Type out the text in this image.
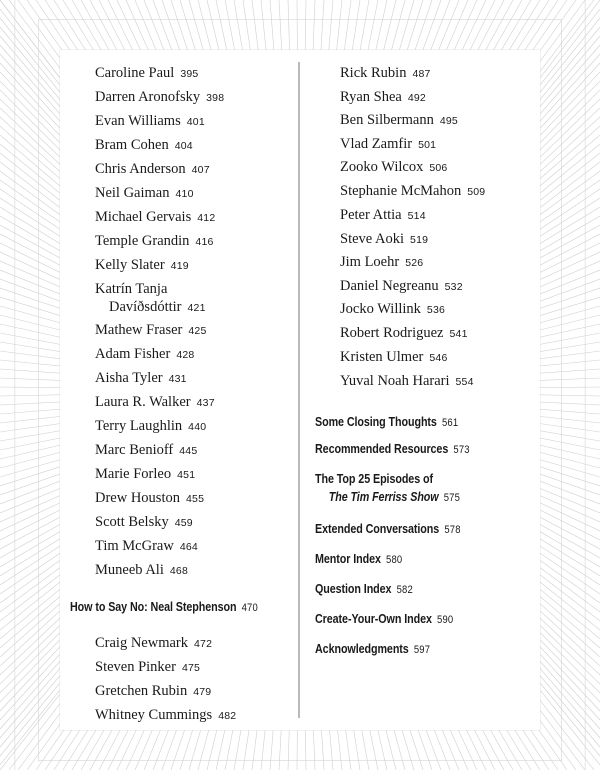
Caroline Paul 395
Darren Aronofsky 398
Evan Williams 401
Bram Cohen 404
Chris Anderson 407
Neil Gaiman 410
Michael Gervais 412
Temple Grandin 416
Kelly Slater 419
Katrín Tanja
Davíðsdóttir 421
Mathew Fraser 425
Adam Fisher 428
Aisha Tyler 431
Laura R. Walker 437
Terry Laughlin 440
Marc Benioff 445
Marie Forleo 451
Drew Houston 455
Scott Belsky 459
Tim McGraw 464
Muneeb Ali 468
How to Say No: Neal Stephenson 470
Craig Newmark 472
Steven Pinker 475
Gretchen Rubin 479
Whitney Cummings 482
Rick Rubin 487
Ryan Shea 492
Ben Silbermann 495
Vlad Zamfir 501
Zooko Wilcox 506
Stephanie McMahon 509
Peter Attia 514
Steve Aoki 519
Jim Loehr 526
Daniel Negreanu 532
Jocko Willink 536
Robert Rodriguez 541
Kristen Ulmer 546
Yuval Noah Harari 554
Some Closing Thoughts 561
Recommended Resources 573
The Top 25 Episodes of
The Tim Ferriss Show 575
Extended Conversations 578
Mentor Index 580
Question Index 582
Create-Your-Own Index 590
Acknowledgments 597
